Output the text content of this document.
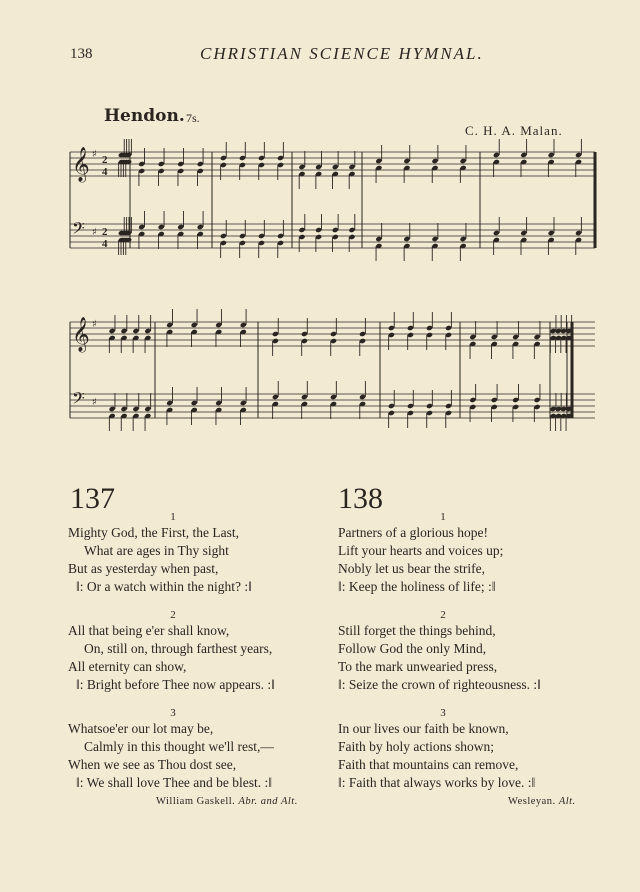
138	CHRISTIAN SCIENCE HYMNAL.
Hendon. 7s.
C. H. A. Malan.
𝄞 ♯ 2
4
𝄢 ♯ 2
4
𝄞 ♯
𝄢 ♯
137	138
1
Mighty God, the First, the Last,
What are ages in Thy sight
But as yesterday when past,
‖: Or a watch within the night? :‖
2
All that being e'er shall know,
On, still on, through farthest years,
All eternity can show,
‖: Bright before Thee now appears. :‖
3
Whatsoe'er our lot may be,
Calmly in this thought we'll rest,—
When we see as Thou dost see,
‖: We shall love Thee and be blest. :‖
1
Partners of a glorious hope!
Lift your hearts and voices up;
Nobly let us bear the strife,
‖: Keep the holiness of life; :‖
2
Still forget the things behind,
Follow God the only Mind,
To the mark unwearied press,
‖: Seize the crown of righteousness. :‖
3
In our lives our faith be known,
Faith by holy actions shown;
Faith that mountains can remove,
‖: Faith that always works by love. :‖
William Gaskell. Abr. and Alt.	Wesleyan. Alt.
